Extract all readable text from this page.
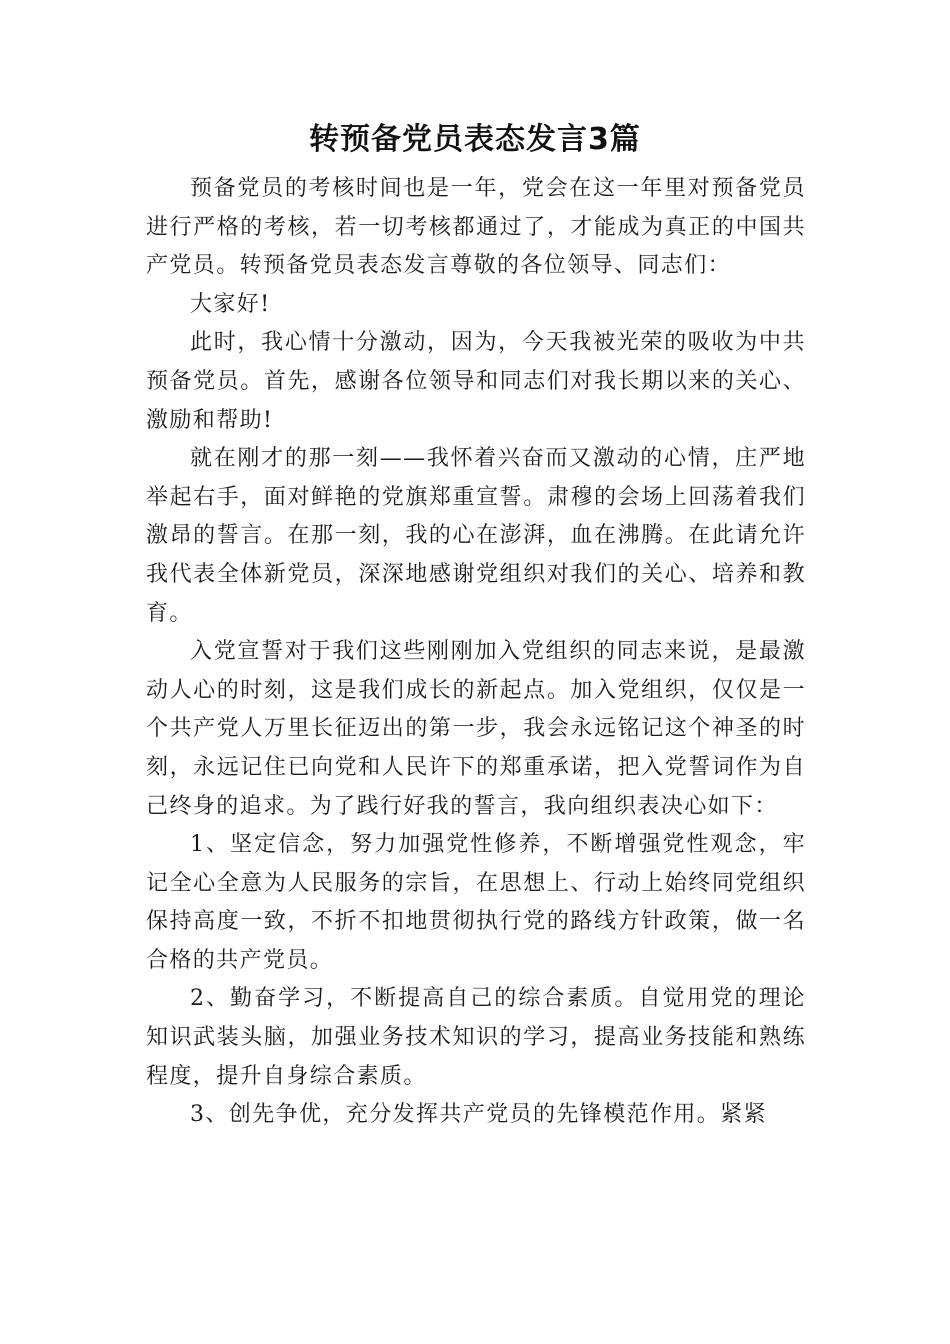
转预备党员表态发言3篇

预备党员的考核时间也是一年，党会在这一年里对预备党员进行严格的考核，若一切考核都通过了，才能成为真正的中国共产党员。转预备党员表态发言尊敬的各位领导、同志们：

大家好!

此时，我心情十分激动，因为，今天我被光荣的吸收为中共预备党员。首先，感谢各位领导和同志们对我长期以来的关心、激励和帮助!

就在刚才的那一刻——我怀着兴奋而又激动的心情，庄严地举起右手，面对鲜艳的党旗郑重宣誓。肃穆的会场上回荡着我们激昂的誓言。在那一刻，我的心在澎湃，血在沸腾。在此请允许我代表全体新党员，深深地感谢党组织对我们的关心、培养和教育。

入党宣誓对于我们这些刚刚加入党组织的同志来说，是最激动人心的时刻，这是我们成长的新起点。加入党组织，仅仅是一个共产党人万里长征迈出的第一步，我会永远铭记这个神圣的时刻，永远记住已向党和人民许下的郑重承诺，把入党誓词作为自己终身的追求。为了践行好我的誓言，我向组织表决心如下：

1、坚定信念，努力加强党性修养，不断增强党性观念，牢记全心全意为人民服务的宗旨，在思想上、行动上始终同党组织保持高度一致，不折不扣地贯彻执行党的路线方针政策，做一名合格的共产党员。

2、勤奋学习，不断提高自己的综合素质。自觉用党的理论知识武装头脑，加强业务技术知识的学习，提高业务技能和熟练程度，提升自身综合素质。

3、创先争优，充分发挥共产党员的先锋模范作用。紧紧
